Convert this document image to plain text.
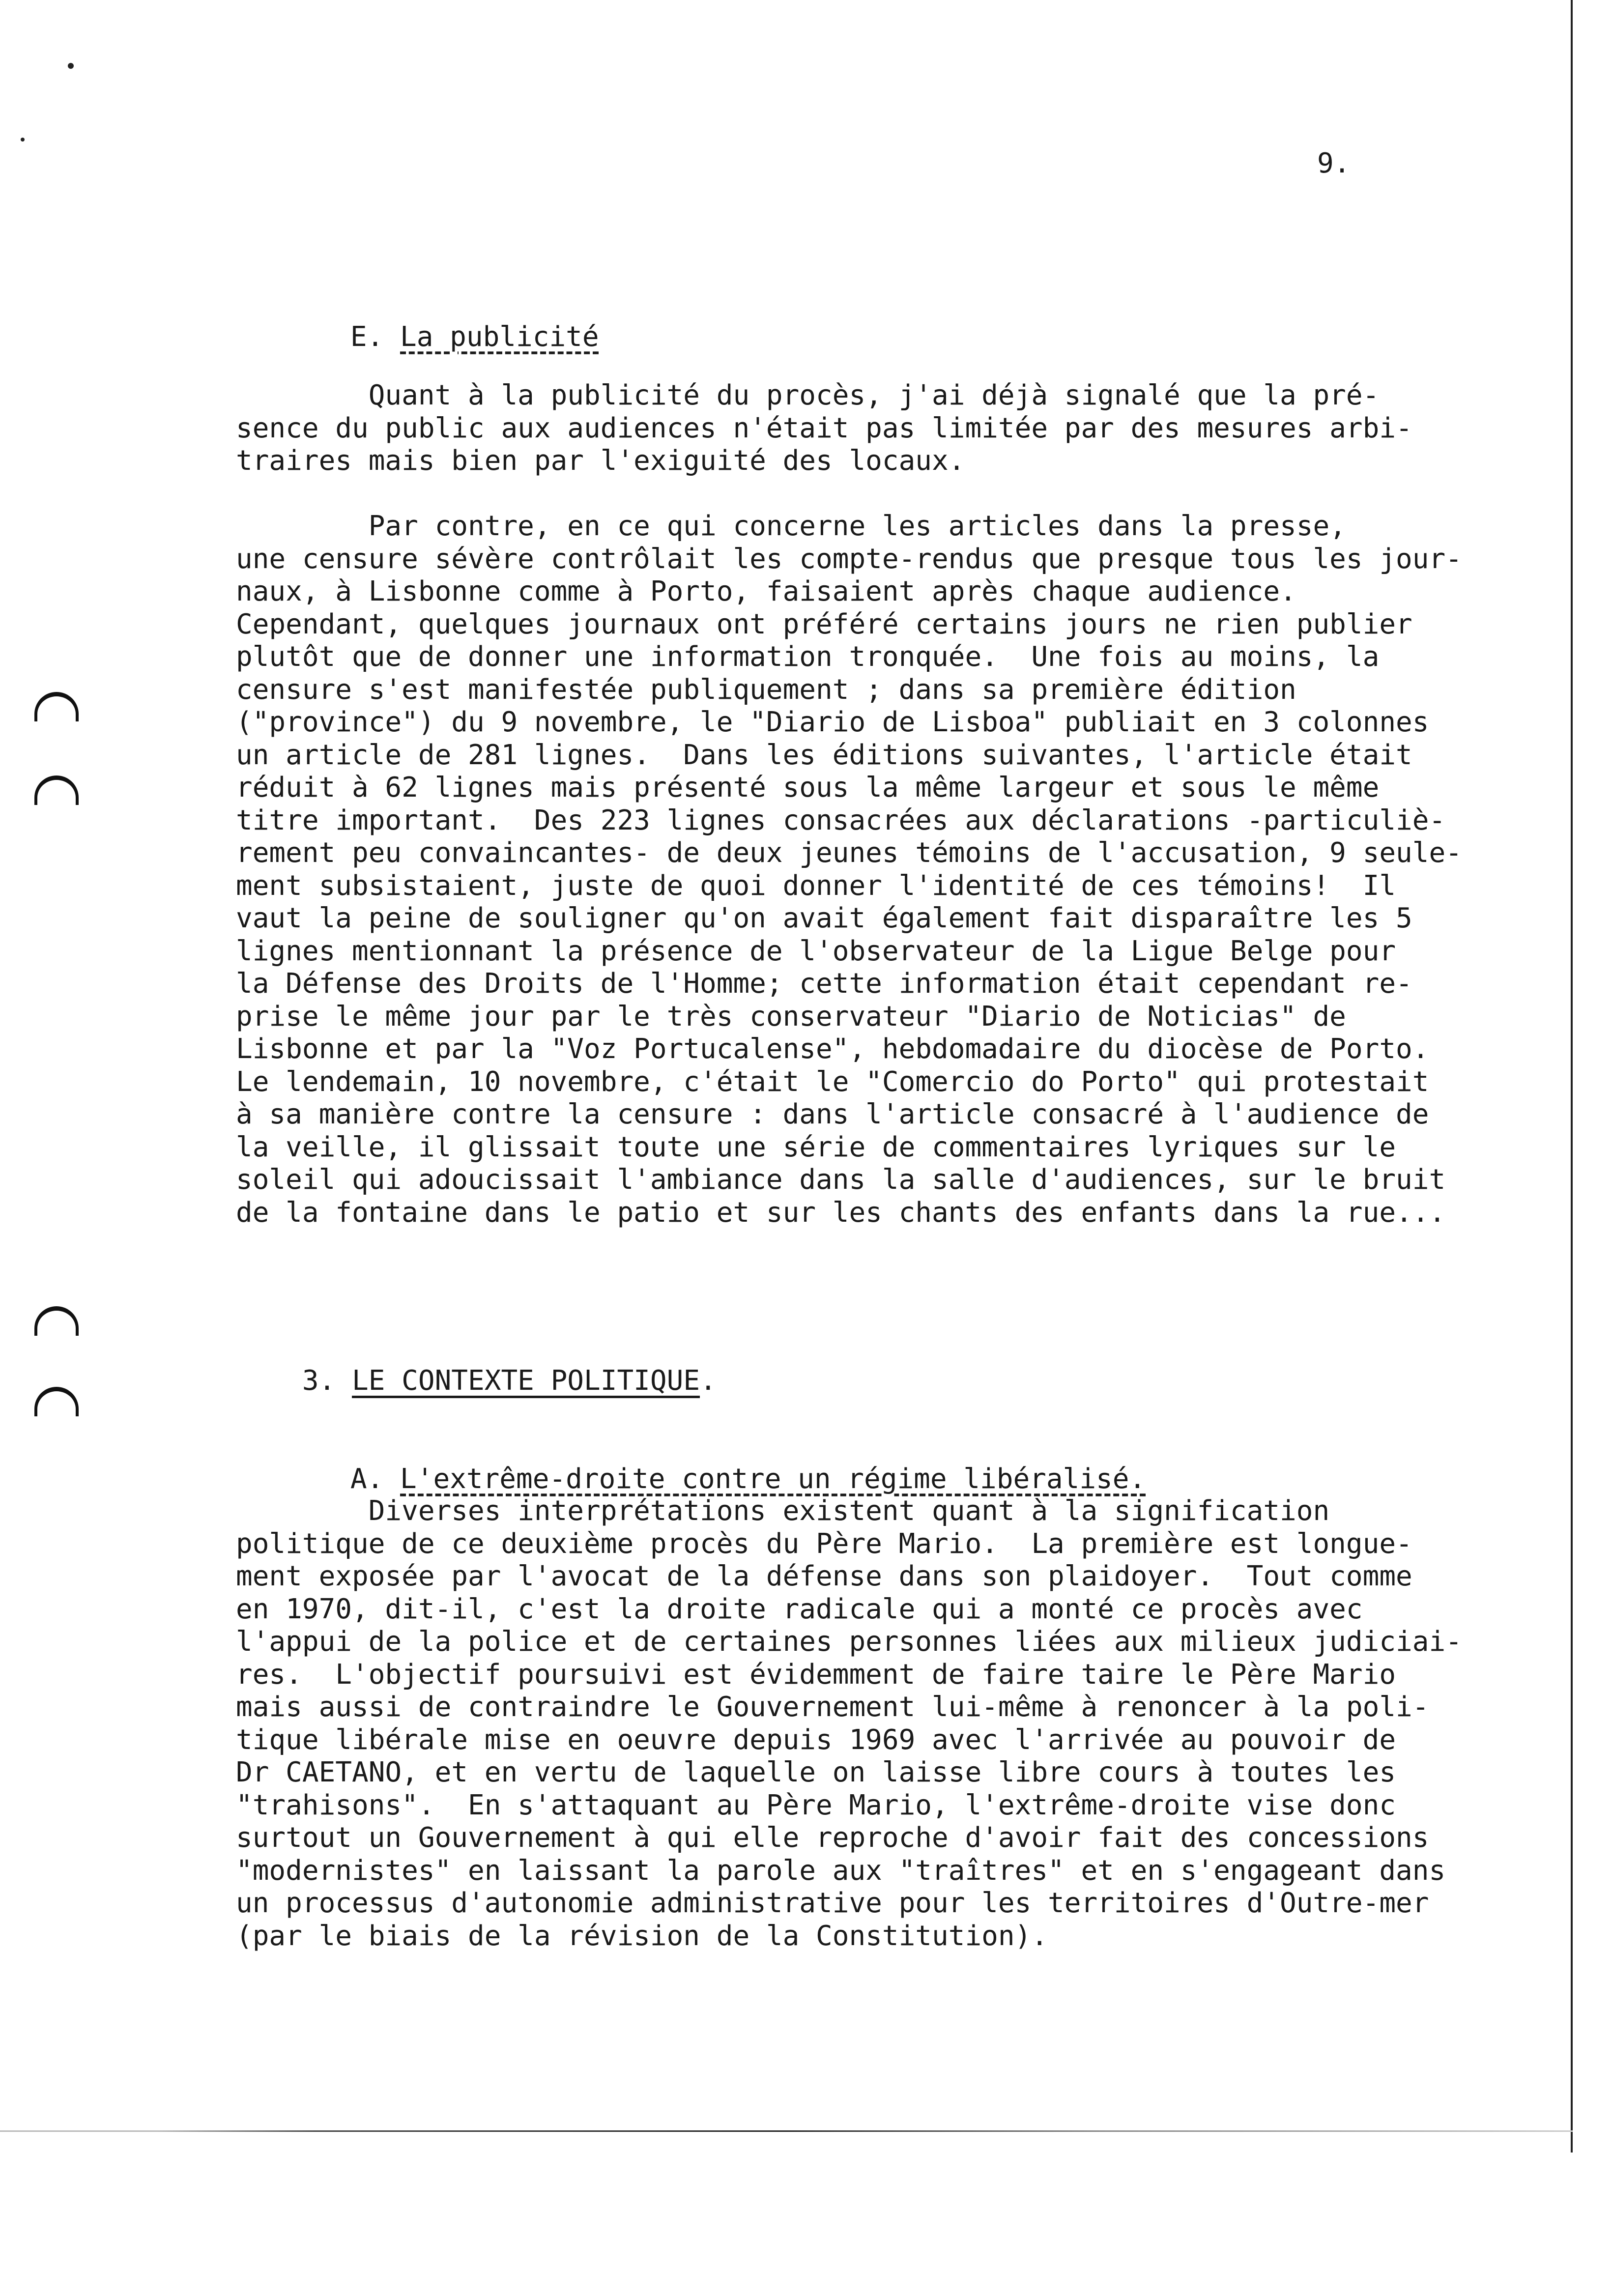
9.

E. La publicité

Quant à la publicité du procès, j'ai déjà signalé que la pré-
sence du public aux audiences n'était pas limitée par des mesures arbi-
traires mais bien par l'exiguité des locaux.
Par contre, en ce qui concerne les articles dans la presse,
une censure sévère contrôlait les compte-rendus que presque tous les jour-
naux, à Lisbonne comme à Porto, faisaient après chaque audience.
Cependant, quelques journaux ont préféré certains jours ne rien publier
plutôt que de donner une information tronquée.  Une fois au moins, la
censure s'est manifestée publiquement ; dans sa première édition
("province") du 9 novembre, le "Diario de Lisboa" publiait en 3 colonnes
un article de 281 lignes.  Dans les éditions suivantes, l'article était
réduit à 62 lignes mais présenté sous la même largeur et sous le même
titre important.  Des 223 lignes consacrées aux déclarations -particuliè-
rement peu convaincantes- de deux jeunes témoins de l'accusation, 9 seule-
ment subsistaient, juste de quoi donner l'identité de ces témoins!  Il
vaut la peine de souligner qu'on avait également fait disparaître les 5
lignes mentionnant la présence de l'observateur de la Ligue Belge pour
la Défense des Droits de l'Homme; cette information était cependant re-
prise le même jour par le très conservateur "Diario de Noticias" de
Lisbonne et par la "Voz Portucalense", hebdomadaire du diocèse de Porto.
Le lendemain, 10 novembre, c'était le "Comercio do Porto" qui protestait
à sa manière contre la censure : dans l'article consacré à l'audience de
la veille, il glissait toute une série de commentaires lyriques sur le
soleil qui adoucissait l'ambiance dans la salle d'audiences, sur le bruit
de la fontaine dans le patio et sur les chants des enfants dans la rue...

3. LE CONTEXTE POLITIQUE.

A. L'extrême-droite contre un régime libéralisé.

Diverses interprétations existent quant à la signification
politique de ce deuxième procès du Père Mario.  La première est longue-
ment exposée par l'avocat de la défense dans son plaidoyer.  Tout comme
en 1970, dit-il, c'est la droite radicale qui a monté ce procès avec
l'appui de la police et de certaines personnes liées aux milieux judiciai-
res.  L'objectif poursuivi est évidemment de faire taire le Père Mario
mais aussi de contraindre le Gouvernement lui-même à renoncer à la poli-
tique libérale mise en oeuvre depuis 1969 avec l'arrivée au pouvoir de
Dr CAETANO, et en vertu de laquelle on laisse libre cours à toutes les
"trahisons".  En s'attaquant au Père Mario, l'extrême-droite vise donc
surtout un Gouvernement à qui elle reproche d'avoir fait des concessions
"modernistes" en laissant la parole aux "traîtres" et en s'engageant dans
un processus d'autonomie administrative pour les territoires d'Outre-mer
(par le biais de la révision de la Constitution).
